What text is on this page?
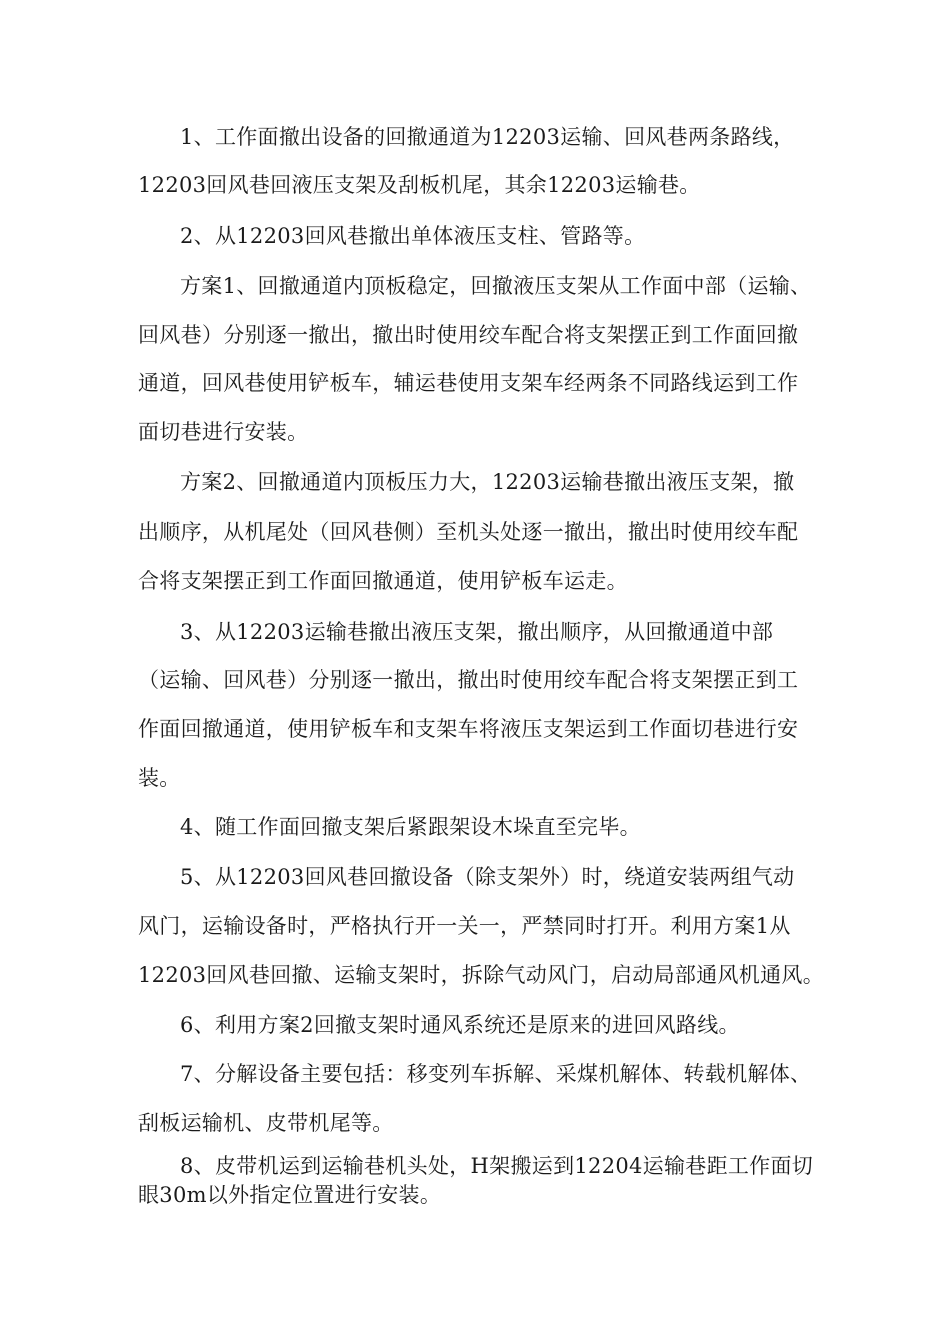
1、工作面撤出设备的回撤通道为12203运输、回风巷两条路线，
12203回风巷回液压支架及刮板机尾，其余12203运输巷。
2、从12203回风巷撤出单体液压支柱、管路等。
方案1、回撤通道内顶板稳定，回撤液压支架从工作面中部（运输、
回风巷）分别逐一撤出，撤出时使用绞车配合将支架摆正到工作面回撤
通道，回风巷使用铲板车，辅运巷使用支架车经两条不同路线运到工作
面切巷进行安装。
方案2、回撤通道内顶板压力大，12203运输巷撤出液压支架，撤
出顺序，从机尾处（回风巷侧）至机头处逐一撤出，撤出时使用绞车配
合将支架摆正到工作面回撤通道，使用铲板车运走。
3、从12203运输巷撤出液压支架，撤出顺序，从回撤通道中部
（运输、回风巷）分别逐一撤出，撤出时使用绞车配合将支架摆正到工
作面回撤通道，使用铲板车和支架车将液压支架运到工作面切巷进行安
装。
4、随工作面回撤支架后紧跟架设木垛直至完毕。
5、从12203回风巷回撤设备（除支架外）时，绕道安装两组气动
风门，运输设备时，严格执行开一关一，严禁同时打开。利用方案1从
12203回风巷回撤、运输支架时，拆除气动风门，启动局部通风机通风。
6、利用方案2回撤支架时通风系统还是原来的进回风路线。
7、分解设备主要包括：移变列车拆解、采煤机解体、转载机解体、
刮板运输机、皮带机尾等。
8、皮带机运到运输巷机头处，H架搬运到12204运输巷距工作面切
眼30m以外指定位置进行安装。
